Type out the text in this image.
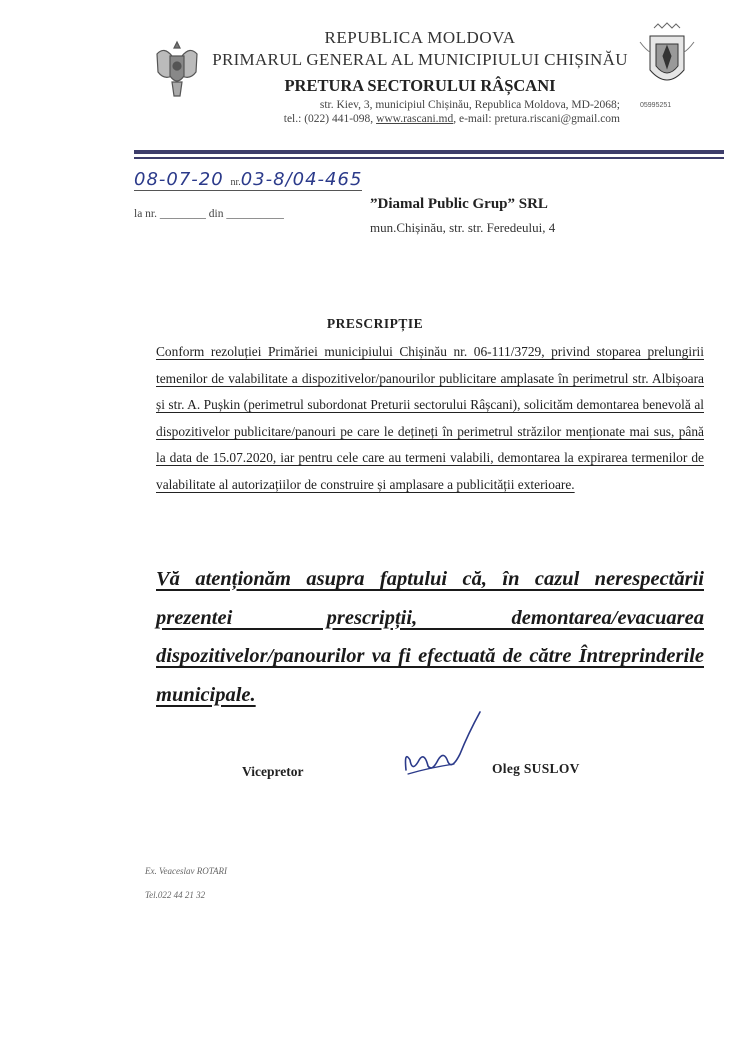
REPUBLICA MOLDOVA
PRIMARUL GENERAL AL MUNICIPIULUI CHIȘINĂU
PRETURA SECTORULUI RÂȘCANI
str. Kiev, 3, municipiul Chișinău, Republica Moldova, MD-2068;
tel.: (022) 441-098, www.rascani.md, e-mail: pretura.riscani@gmail.com
05995251
08-07-20 nr.03-8/04-465
la nr. ________ din __________
”Diamal Public Grup” SRL
mun.Chișinău, str. str. Feredeului, 4
PRESCRIPȚIE
Conform rezoluției Primăriei municipiului Chișinău nr. 06-111/3729, privind stoparea prelungirii temenilor de valabilitate a dispozitivelor/panourilor publicitare amplasate în perimetrul str. Albișoara și str. A. Pușkin (perimetrul subordonat Preturii sectorului Râșcani), solicităm demontarea benevolă al dispozitivelor publicitare/panouri pe care le dețineți în perimetrul străzilor menționate mai sus, până la data de 15.07.2020, iar pentru cele care au termeni valabili, demontarea la expirarea termenilor de valabilitate al autorizațiilor de construire și amplasare a publicității exterioare.
Vă atenționăm asupra faptului că, în cazul nerespectării prezentei prescripții, demontarea/evacuarea dispozitivelor/panourilor va fi efectuată de către Întreprinderile municipale.
Vicepretor	Oleg SUSLOV
Ex. Veaceslav ROTARI
Tel.022 44 21 32
